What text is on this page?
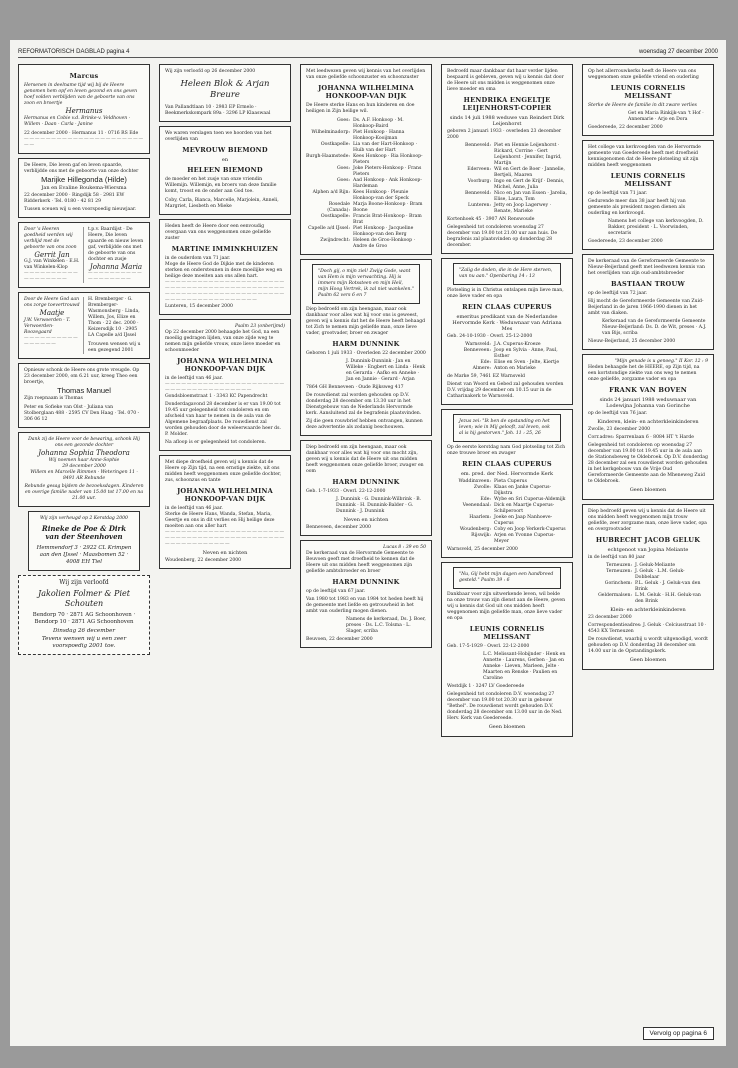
REFORMATORISCH DAGBLAD pagina 4	woensdag 27 december 2000
Marcus
Hersenen in deelname tijd wij bij de Heere genomen hem opf en leven gezond en ons geven hoef volden verblijden van de geboorte van ons zoon en broertje
Hermanus
Hermanus en Cobie v.d. Brinke-v. Veldhoven · Willem · Daan · Carla · Janine
22 december 2000 · Hermanus 11 · 0716 RS Ede
— — — — — — — — — — — — — — — — — — — — — — — —
De Heere, Die leven gaf en leven spaarde, verblijdde ons met de geboorte van onze dochter
Marijke Hillegonda (Hilde)
Jan en Evaline Boukema-Wiersma
22 december 2000 · Ringdijk 58 · 2981 EW Ridderkerk · Tel. 0180 - 42 81 29
Tussen sceuen wij u een voorspoedig nieuwjaar.
Door 's Heeren goedheid werden wij verblijd met de geboorte van ons zoon
Gerrit Jan
G.J. van Winkelen · E.H. van Winkelen-Klop
— — — — — — — — — — — — — — — — — —
t.p.v. Baardijst · De Heere, Die leven spaarde en nieuw leven gaf, verblijdde ons met de geboorte van ons dochter en zusje
Johanna Maria
— — — — — — — — — — — — — — — — — —
Door de Heere God aan ons zorge toevertrouwd
Maatje
J.W. Verwoerden · T. Verwoerden-Roozegaard
— — — — — — — — — — — — — — — —
H. Bremberger · G. Bremberger-Wasmonsberg · Linda, Willem, Jos, Elize en Thom · 22 dec. 2000 · Keizersdijk 10 · 2905 LA Capelle a/d IJssel
Trouwen wensen wij u een gezegend 2001
Opnieuw schonk de Heere ons grote vreugde. Op 23 december 2000, om 6.21 uur, kreeg Theo een broertje,
Thomas Manuel
Zijn roepnaam is Thomas
Peter en Sofieke van Olst · Juliana van Stolberglaan 488 · 2595 CV Den Haag · Tel. 070 - 306 06 12
Dank zij de Heere voor de bewaring, schonk Hij ons een gezonde dochter
Johanna Sophia Theodora
Wij noemen haar Anne-Sophie
29 december 2000
Willem en Marcelle Rimmen · Weteringen 11 · 8491 AR Rebunde
Rebunde gesag bijdem de bezoeksdagen. Kinderen en overige familie nader van 15.00 tot 17.00 en na 21.00 uur.
Wij zijn verheugd op 2 Kerstdag 2000
Rineke de Poe & Dirk van der Steenhoven
Hemmendorf 3 · 2922 CL Krimpen aan den IJssel · Maasbomen 52 · 4008 EH Tiel
Wij zijn verloofd
Jakolien Folmer & Piet Schouten
Bendorp 70 · 2871 AG Schoonhoven · Bendorp 10 · 2871 AG Schoonhoven
Dinsdag 26 december
Tevens wensen wij u een zeer voorspoedig 2001 toe.
Wij zijn verloofd op 26 december 2000
Heleen Blok & Arjan Breure
Van Pallandtlaan 10 · 2983 EP Ermelo · Beekmerkskompark 89a · 3296 LP Klaaswaal
We waren verslagen toen we hoorden van het overlijden van
MEVROUW BIEMOND
en
HELEEN BIEMOND
de moeder en het zusje van onze vriendin Willemijn. Willemijn, en broers van deze familie komt, troost en de onder aan God toe.
Coby, Carla, Bianca, Marcelle, Marjolein, Anneli, Margriet, Liesbeth en Mieke
Heden heeft de Heere door een eenvoudig overgaan van ons weggenomen onze geliefde zuster
MARTINE IMMINKHUIZEN
in de ouderdom van 71 jaar.
Moge de Heere God de Dijkie met de kinderen sterken en ondersteunen in deze moeilijke weg en heilige deze moeiten aan ons allen hart.
— — — — — — — — — — — — — — — — — — — — — — — — — — — — — — — — — — — — — — — — — — — — — — — — — — — — — — — — — — — — — — — — — — — — — — — — — — — — — — — — — — —
Lunteren, 15 december 2000
Psalm 23 (onberijmd)
Op 22 december 2000 behaagde het God, na een moeilig gedragen lijden, van onze zijde weg te nemen mijn geliefde vrouw, onze lieve moeder en schoonmoeder
JOHANNA WILHELMINA HONKOOP-VAN DIJK
in de leeftijd van 46 jaar.
— — — — — — — — — — — — — — — — — — — — — — — — — — — — — — — — — — — — — —
Gondsbloemstraat 1 · 3343 KC Papendrecht
Donderdagavond 28 december is er van 19.00 tot 19.45 uur gelegenheid tot condoleren en om afscheid van haar te nemen in de aula van de Algemene begraafplaats. De rouwdienst zal worden gehouden door de weleerwaarde heer ds. P. Molder.
Na afloop is er gelegenheid tot condoleren.
Met diepe droefheid geven wij u kennis dat de Heere op Zijn tijd, na een ernstige ziekte, uit ons midden heeft weggenomen onze geliefde dochter, zus, schoonzus en tante
JOHANNA WILHELMINA HONKOOP-VAN DIJK
in de leeftijd van 46 jaar.
Sterke de Heere Hans, Wanda, Stefan, Maria, Geertje en ons in dit verlies en Hij heilige deze moeiten aan ons aller hart
— — — — — — — — — — — — — — — — — — — — — — — — — — — — — — — — — — — — — — — — — — — — — — — — — — — — — — — —
Neven en nichten
Woudenberg, 22 december 2000
Met leedwezen geven wij kennis van het overlijden van onze geliefde schoonzuster en schoonzuster
JOHANNA WILHELMINA HONKOOP-VAN DIJK
De Heere sterke Hans en hun kinderen en doe heiligen in Zijn heilige wil.
Goes: Ds. A.F. Honkoop · M. Honkoop-Baird
Wilhelminadorp: Piet Honkoop · Hanna Honkoop-Kooijman
Oostkapelle: Lia van der Hart-Honkoop · Huib van der Hart
Burgh-Haamstede: Kees Honkoop · Ria Honkoop-Pieters
Goes: Joke Pieters-Honkoop · Frans Pieters
Goes: Aad Honkoop · Ank Honkoop-Hardeman
Alphen a/d Rijn: Kees Honkoop · Pleunie Honkoop-van der Speck
Rosedale (Canada):
Marja Boone-Honkoop · Bram Boone
Oostkapelle: Francis Brat-Honkoop · Bram Brat
Capelle a/d IJssel: Piet Honkoop · Jacqueline Honkoop-van den Berg
Zwijndrecht: Heleen de Groo-Honkoop · Andre de Groo
"Doch gij, o mijn ziel! Zwijg Gode, want van Hem is mijn verwachting. Hij is immers mijn Rotssteen en mijn Heil, mijn Hoog Vertrek, ik zal niet wankelen." Psalm 62 vers 6 en 7
Diep bedroefd om zijn heengaan, maar ook dankbaar voor alles wat hij voor ons is geweest, geven wij u kennis dat het de Heere heeft behaagd tot Zich te nemen mijn geliefde man, onze lieve vader, grootvader, broer en zwager
HARM DUNNINK
Geboren 1 juli 1933 · Overleden 22 december 2000
J. Dunnink-Dunnink · Jan en Willeke · Engbert en Linda · Henk en Gerarda · Aafko en Anneke · Jan en Jannie · Gerard · Arjan
7864 GH Benneveen · Oude Rijksweg 417
De rouwdienst zal worden gehouden op D.V. donderdag 28 december om 13.30 uur in het Dienstgebouw van de Nederlands Hervormde kerk. Aansluitend zal de begrafenis plaatsvinden.
Zij die geen rouwbrief hebben ontvangen, kunnen deze advertentie als zodanig beschouwen.
Diep bedroefd om zijn heengaan, maar ook dankbaar voor alles wat hij voor ons mocht zijn, geven wij u kennis dat de Heere uit ons midden heeft weggenomen onze geliefde broer, zwager en oom
HARM DUNNINK
Geb. 1-7-1933 · Overl. 22-12-2000
J. Dunnink · G. Dunnink-Wilbrink · B. Dunnink · H. Dunnink-Balder · G. Dunnink · J. Dunnink
Neven en nichten
Benneveen, december 2000
Lucas 8 : 39 en 50
De kerkeraad van de Hervormde Gemeente te Beuvoen geeft met droefheid te kennen dat de Heere uit ons midden heeft weggenomen zijn geliefde ambtsbroeder en broer
HARM DUNNINK
op de leeftijd van 67 jaar.
Van 1980 tot 1983 en van 1984 tot heden heeft hij de gemeente met liefde en getrouwheid in het ambt van ouderling mogen dienen.
Namens de kerkeraad, Ds. J. Boer, preses · Ds. L.C. Tolsma · L. Slager, scriba
Beuvoen, 22 december 2000
Bedroefd maar dankbaar dat haar verder lijden bespaard is gebleven, geven wij u kennis dat door de Heere uit ons midden is weggenomen onze lieve moeder en oma
HENDRIKA ENGELTJE LEIJENHORST-COPIER
sinds 14 juli 1988 weduwe van Reindert Dirk Leijenhorst
geboren 2 januari 1933 · overleden 23 december 2000
Benneveld: Piet en Hennie Leijenhorst · Rickard, Corrine · Gert Leijenhorst · Jennifer, Ingrid, Martijn
Ederveen: Wil en Gert de Boer · Jannelie, Bertjeli, Maaren
Voorburg: Ingo en Gert de Krijf · Dennis, Michel, Anne, Julia
Benneveld: Nico en Jan van Essen · Jarelia, Elise, Laura, Tom
Lunteren: Jetty en Joop Lagerwey · Renate, Marieke
Kortenhoek 45 · 3907 AN Renswoude
Gelegenheid tot condoleren woensdag 27 december van 19.00 tot 21.00 uur aan huis. De begrafenis zal plaatsvinden op donderdag 28 december.
"Zalig de doden, die in de Here sterven, van nu aan." Openbaring 14 : 13
Plotseling is in Christus ontslapen mijn lieve man, onze lieve vader en opa
REIN CLAAS CUPERUS
emeritus predikant van de Nederlandse Hervormde Kerk · Weduwnaar van Adriana Mes
Geb. 24-10-1930 · Overl. 25-12-2000
Warnsveld: J.A. Cuperus-Kroeze
Benneveen: Joop en Sylvia · Anne, Paul, Esther
Ede: Elise en Sven · Jelte, Kiertje
Almere: Anton en Marieke
de Marke 59, 7461 EZ Warnsveld
Dienst van Woord en Gebed zal gehouden worden D.V. vrijdag 29 december om 10.15 uur in de Catharinakerk te Warnsveld.
Jezus zei: "Ik ben de opstanding en het leven; wie in Mij gelooft, zal leven, ook al is hij gestorven." Joh. 11 : 25, 26
Op de eerste kerstdag nam God plotseling tot Zich onze trouwe broer en zwager
REIN CLAAS CUPERUS
em. pred. der Ned. Hervormde Kerk
Waddinxveen: Pieta Cuperus
Zwolle: Klaas en Janke Cuperus-Dijkstra
Ede: Wybe en Sri Cuperus-Aldemijk
Veenendaal: Dick en Maartje Cuperus-Schilperoort
Haarlem: Joeke en Jaap Nanhoeve-Cuperus
Woudenberg: Coby en Joop Verkerk-Cuperus
Rijswijk: Arjen en Yvonne Cuperus-Meyer
Warnsveld, 25 december 2000
"Nu, Gij hebt mijn dagen een handbreed gesteld." Psalm 39 : 6
Dankbaar voor zijn uitwerkende leven, wil belde na onze trouw van zijn dienst aan de Heere, geven wij u kennis dat God uit ons midden heeft weggenomen mijn geliefde man, onze lieve vader en opa
LEUNIS CORNELIS MELISSANT
Geb. 17-5-1929 · Overl. 22-12-2000
L.C. Melissant-Hobijnder · Henk en Annette · Laurens, Gerben · Jan en Anneke · Lieven, Marleen, Jelte · Maarten en Renske · Paulien en Caroline
Westdijk 1 · 3247 LV Goedereede
Gelegenheid tot condoleren D.V. woensdag 27 december van 19.00 tot 20.30 uur in gebouw "Bethel". De rouwdienst wordt gehouden D.V. donderdag 28 december om 13.00 uur in de Ned. Herv. Kerk van Goedereede.
Geen bloemen
Op het allerrouwkerks heeft de Heere van ons weggenomen onze geliefde vriend en ouderling
LEUNIS CORNELIS MELISSANT
Sterke de Heere de familie in dit zware verlies
Get en Maria Rinkijk-van 't Hof · Annemarie · Arjo en Dora
Goedereede, 22 december 2000
Het college van kerkvoogden van de Hervormde gemeente van Goedereede heeft met droefheid kennisgenomen dat de Heere plotseling uit zijn midden heeft weggenomen
LEUNIS CORNELIS MELISSANT
op de leeftijd van 71 jaar.
Gedurende meer dan 38 jaar heeft hij van gemeente als president mogen dienen als ouderling en kerkvoogd.
Namens het college van kerkvoogden, D. Bakker, president · L. Voorwinden, secretaris
Goedereede, 23 december 2000
De kerkeraad van de Gereformeerde Gemeente te Nieuw-Beijerland geeft met leedwezen kennis van het overlijden van zijn oud-ambtsbroeder
BASTIAAN TROUW
op de leeftijd van 72 jaar.
Hij mocht de Gereformeerde Gemeente van Zuid-Beijerland in de jaren 1966-1990 dienen in het ambt van diaken.
Kerkeraad van de Gereformeerde Gemeente Nieuw-Beijerland: Ds. D. de Wit, preses · A.J. van Bijs, scriba
Nieuw-Beijerland, 25 december 2000
"Mijn genade is u genoeg." II Kor. 12 : 9
Heden behaagde het de HEERE, op Zijn tijd, na een kortstondige ziekte van ons weg te nemen onze geliefde, zorgzame vader en opa
FRANK VAN BOVEN
sinds 24 januari 1988 weduwnaar van Lodewijna Johanna van Gorinche
op de leeftijd van 76 jaar.
Kinderen, klein- en achterkleinkinderen
Zwolle, 23 december 2000
Corr.adres: Sparrenlaan 6 · 8084 HT 't Harde
Gelegenheid tot condoleren op woensdag 27 december van 19.00 tot 19.45 uur in de aula aan de Stationsbeweg te Oldebroek. Op D.V. donderdag 28 december zal een rouwdienst worden gehouden in het kerkgebouw van de Vrije Oud Gereformeerde Gemeente aan de Mheneweg Zuid te Oldebroek.
Geen bloemen
Diep bedroefd geven wij u kennis dat de Heere uit ons midden heeft weggenomen mijn trouw geliefde, zeer zorgzame man, onze lieve vader, opa en overgrootvader
HUBRECHT JACOB GELUK
echtgenoot van Jopina Meliante
in de leeftijd van 80 jaar
Terneuzen: J. Geluk-Meliante
Terneuzen: J. Geluk · L.M. Geluk-Dobbelaar
Gorinchem: P.L. Geluk · J. Geluk-van den Brink
Geldermalsen: L.M. Geluk · H.H. Geluk-van den Brink
Klein- en achterkleinkinderen
23 december 2000
Correspondentieadres: J. Geluk · Celciusstraat 10 · 4543 KX Terneuzen
De rouwdienst, waarbij u wordt uitgenodigd, wordt gehouden op D.V. donderdag 28 december om 14.00 uur in de Opstandingskerk.
Geen bloemen
Vervolg op pagina 6
